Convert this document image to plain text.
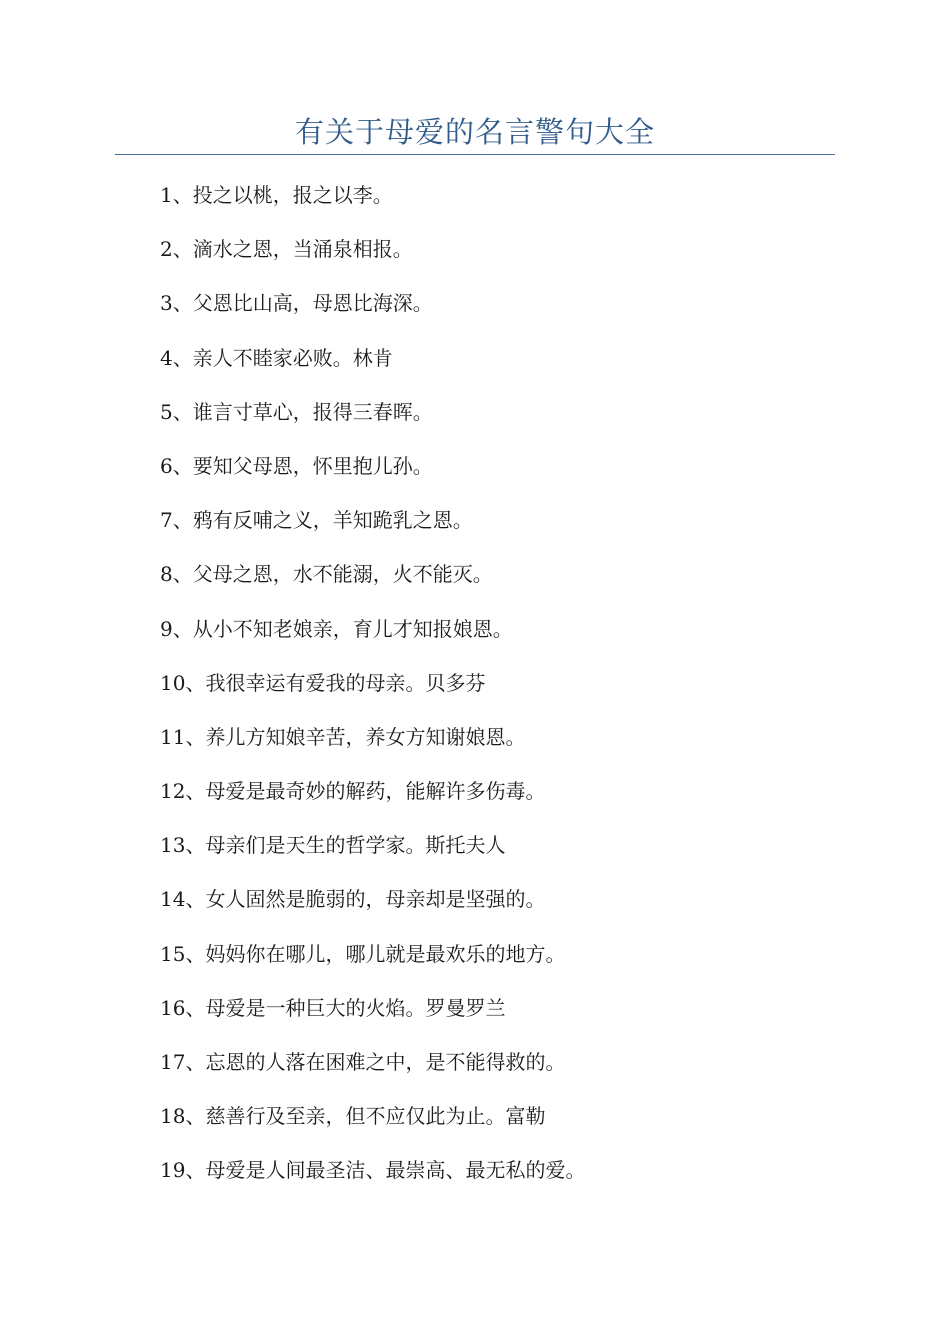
有关于母爱的名言警句大全
1、投之以桃，报之以李。
2、滴水之恩，当涌泉相报。
3、父恩比山高，母恩比海深。
4、亲人不睦家必败。林肯
5、谁言寸草心，报得三春晖。
6、要知父母恩，怀里抱儿孙。
7、鸦有反哺之义，羊知跪乳之恩。
8、父母之恩，水不能溺，火不能灭。
9、从小不知老娘亲，育儿才知报娘恩。
10、我很幸运有爱我的母亲。贝多芬
11、养儿方知娘辛苦，养女方知谢娘恩。
12、母爱是最奇妙的解药，能解许多伤毒。
13、母亲们是天生的哲学家。斯托夫人
14、女人固然是脆弱的，母亲却是坚强的。
15、妈妈你在哪儿，哪儿就是最欢乐的地方。
16、母爱是一种巨大的火焰。罗曼罗兰
17、忘恩的人落在困难之中，是不能得救的。
18、慈善行及至亲，但不应仅此为止。富勒
19、母爱是人间最圣洁、最崇高、最无私的爱。
